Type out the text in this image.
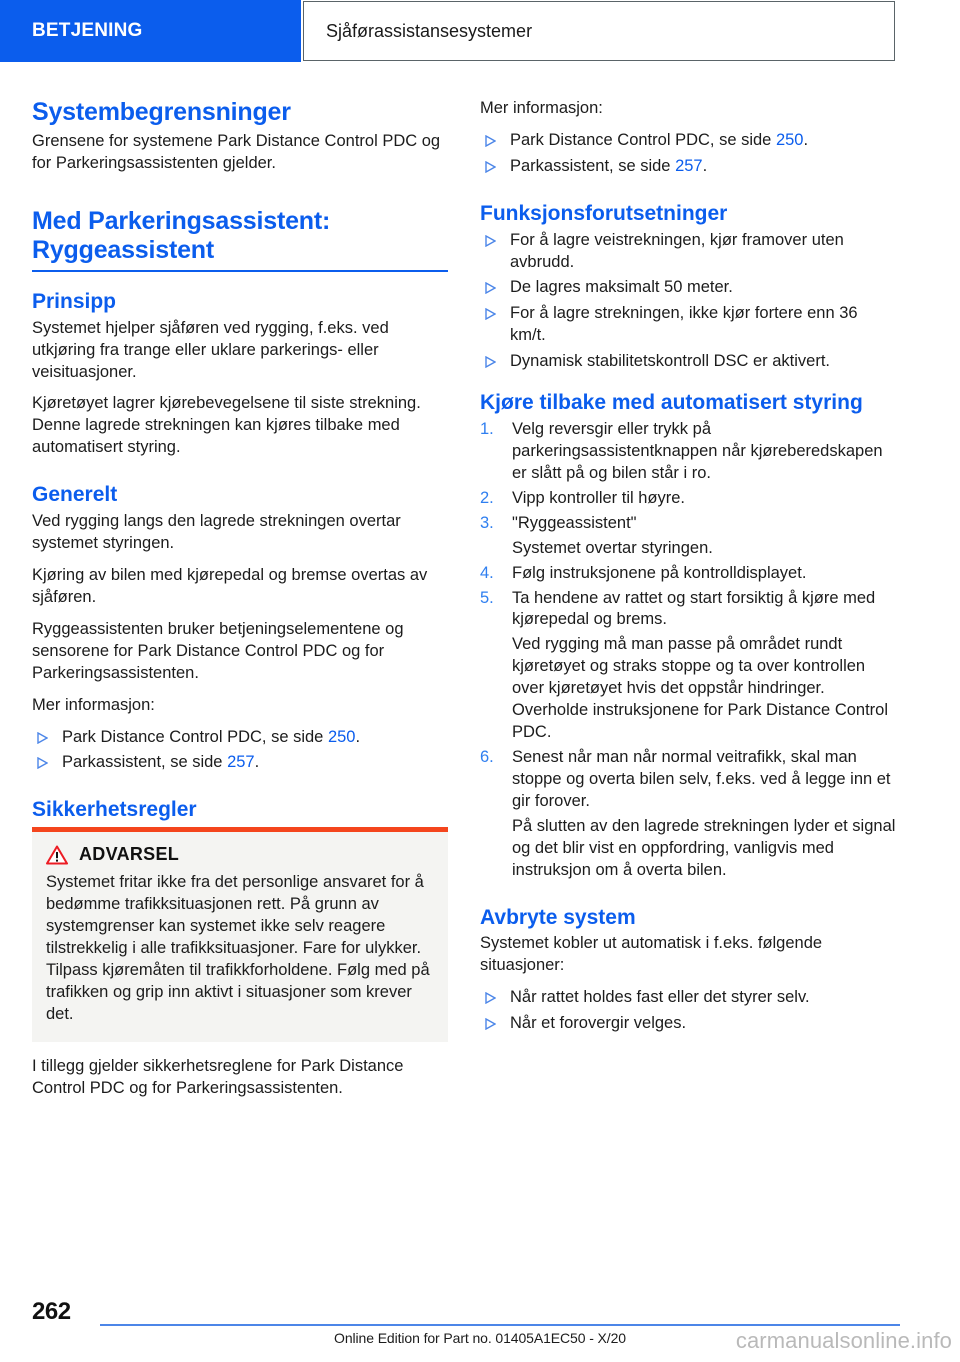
BETJENING	Sjåførassistansesystemer
Systembegrensninger

Grensene for systemene Park Distance Control PDC og for Parkeringsassistenten gjelder.

Med Parkeringsassistent: Ryggeassistent
Prinsipp

Systemet hjelper sjåføren ved rygging, f.eks. ved utkjøring fra trange eller uklare parkerings- eller veisituasjoner.

Kjøretøyet lagrer kjørebevegelsene til siste strekning. Denne lagrede strekningen kan kjøres tilbake med automatisert styring.

Generelt

Ved rygging langs den lagrede strekningen overtar systemet styringen.

Kjøring av bilen med kjørepedal og bremse overtas av sjåføren.

Ryggeassistenten bruker betjeningselementene og sensorene for Park Distance Control PDC og for Parkeringsassistenten.

Mer informasjon:

Park Distance Control PDC, se side 250.
Parkassistent, se side 257.
Sikkerhetsregler
ADVARSEL

Systemet fritar ikke fra det personlige ansvaret for å bedømme trafikksituasjonen rett. På grunn av systemgrenser kan systemet ikke selv reagere tilstrekkelig i alle trafikksituasjoner. Fare for ulykker. Tilpass kjøremåten til trafikkforholdene. Følg med på trafikken og grip inn aktivt i situasjoner som krever det.

I tillegg gjelder sikkerhetsreglene for Park Distance Control PDC og for Parkeringsassistenten.

Mer informasjon:

Park Distance Control PDC, se side 250.
Parkassistent, se side 257.
Funksjonsforutsetninger
For å lagre veistrekningen, kjør framover uten avbrudd.
De lagres maksimalt 50 meter.
For å lagre strekningen, ikke kjør fortere enn 36 km/t.
Dynamisk stabilitetskontroll DSC er aktivert.
Kjøre tilbake med automatisert styring
1.	Velg reversgir eller trykk på parkeringsassistentknappen når kjøreberedskapen er slått på og bilen står i ro.
2.	Vipp kontroller til høyre.
3.	"Ryggeassistent"
Systemet overtar styringen.
4.	Følg instruksjonene på kontrolldisplayet.
5.	Ta hendene av rattet og start forsiktig å kjøre med kjørepedal og brems.
Ved rygging må man passe på området rundt kjøretøyet og straks stoppe og ta over kontrollen over kjøretøyet hvis det oppstår hindringer. Overholde instruksjonene for Park Distance Control PDC.
6.	Senest når man når normal veitrafikk, skal man stoppe og overta bilen selv, f.eks. ved å legge inn et gir forover.
På slutten av den lagrede strekningen lyder et signal og det blir vist en oppfordring, vanligvis med instruksjon om å overta bilen.
Avbryte system

Systemet kobler ut automatisk i f.eks. følgende situasjoner:

Når rattet holdes fast eller det styrer selv.
Når et forovergir velges.
262
Online Edition for Part no. 01405A1EC50 - X/20	carmanualsonline.info
